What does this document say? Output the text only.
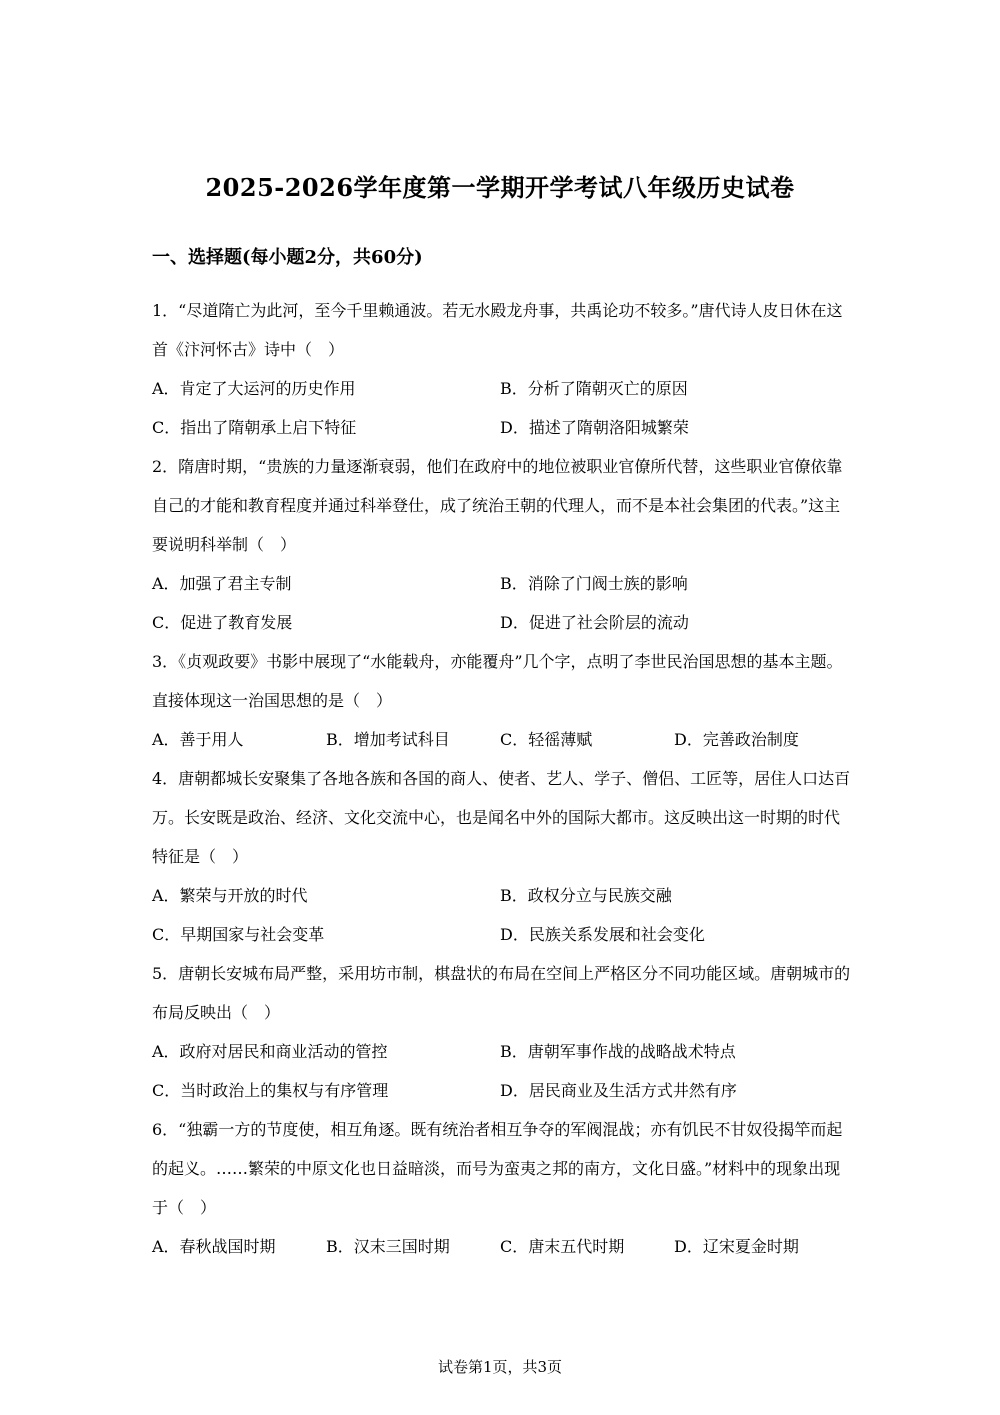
2025-2026学年度第一学期开学考试八年级历史试卷
一、选择题(每小题2分，共60分)

1．“尽道隋亡为此河，至今千里赖通波。若无水殿龙舟事，共禹论功不较多。”唐代诗人皮日休在这首《汴河怀古》诗中（　）

A．肯定了大运河的历史作用	B．分析了隋朝灭亡的原因
C．指出了隋朝承上启下特征	D．描述了隋朝洛阳城繁荣

2．隋唐时期，“贵族的力量逐渐衰弱，他们在政府中的地位被职业官僚所代替，这些职业官僚依靠自己的才能和教育程度并通过科举登仕，成了统治王朝的代理人，而不是本社会集团的代表。”这主要说明科举制（　）

A．加强了君主专制	B．消除了门阀士族的影响
C．促进了教育发展	D．促进了社会阶层的流动

3．《贞观政要》书影中展现了“水能载舟，亦能覆舟”几个字，点明了李世民治国思想的基本主题。直接体现这一治国思想的是（　）

A．善于用人	B．增加考试科目	C．轻徭薄赋	D．完善政治制度

4．唐朝都城长安聚集了各地各族和各国的商人、使者、艺人、学子、僧侣、工匠等，居住人口达百万。长安既是政治、经济、文化交流中心，也是闻名中外的国际大都市。这反映出这一时期的时代特征是（　）

A．繁荣与开放的时代	B．政权分立与民族交融
C．早期国家与社会变革	D．民族关系发展和社会变化

5．唐朝长安城布局严整，采用坊市制，棋盘状的布局在空间上严格区分不同功能区域。唐朝城市的布局反映出（　）

A．政府对居民和商业活动的管控	B．唐朝军事作战的战略战术特点
C．当时政治上的集权与有序管理	D．居民商业及生活方式井然有序

6．“独霸一方的节度使，相互角逐。既有统治者相互争夺的军阀混战；亦有饥民不甘奴役揭竿而起的起义。……繁荣的中原文化也日益暗淡，而号为蛮夷之邦的南方，文化日盛。”材料中的现象出现于（　）

A．春秋战国时期	B．汉末三国时期	C．唐末五代时期	D．辽宋夏金时期
试卷第1页，共3页
